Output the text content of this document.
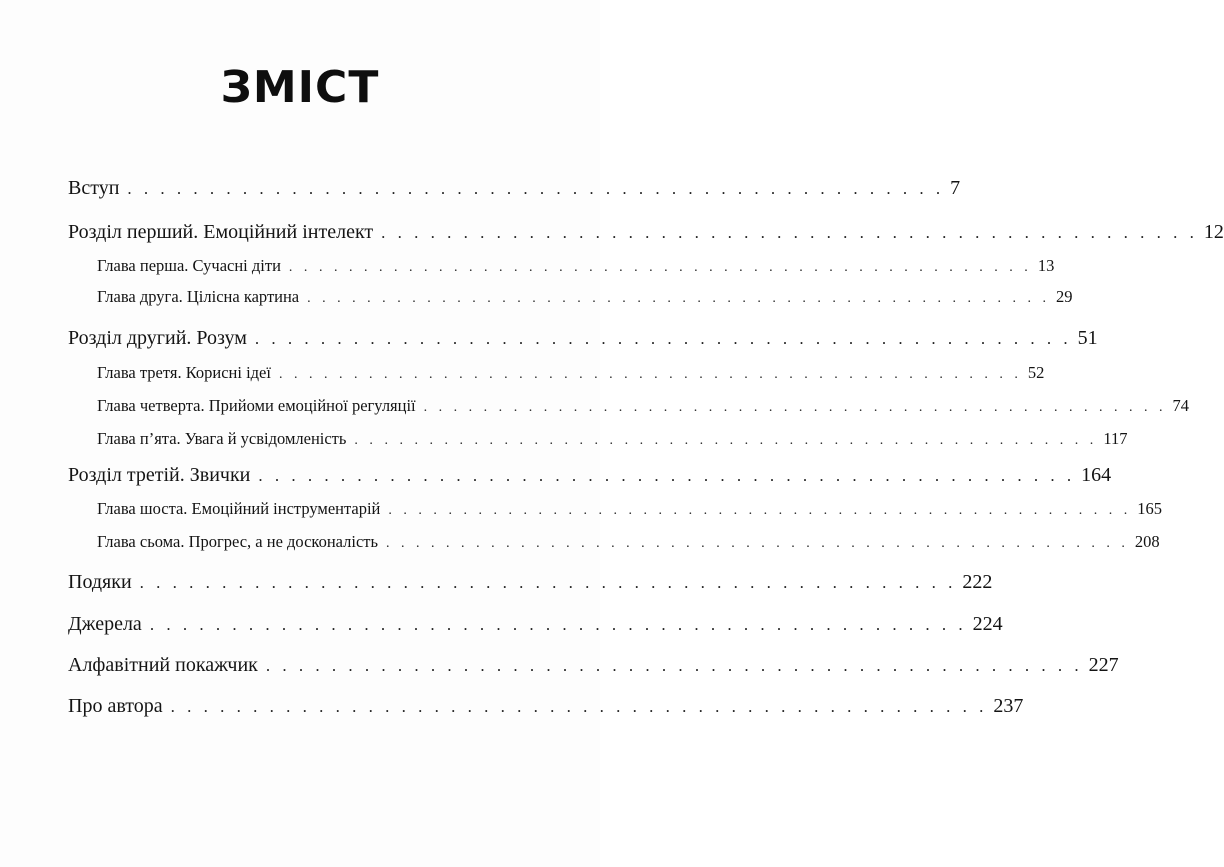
ЗМІСТ
Вступ . . . . . . . . . . . . . . . . . . . . . . . . . . . . . . . . . . . . . . . . . . . . . . . . . . 7
Розділ перший. Емоційний інтелект . . . . . . . . . . . . . . . . . . . . . . . . . . . . . . . . . . . . . . . . . . . . . . . . . . 12
Глава перша. Сучасні діти . . . . . . . . . . . . . . . . . . . . . . . . . . . . . . . . . . . . . . . . . . . . . . . . . . 13
Глава друга. Цілісна картина . . . . . . . . . . . . . . . . . . . . . . . . . . . . . . . . . . . . . . . . . . . . . . . . . . 29
Розділ другий. Розум . . . . . . . . . . . . . . . . . . . . . . . . . . . . . . . . . . . . . . . . . . . . . . . . . . 51
Глава третя. Корисні ідеї . . . . . . . . . . . . . . . . . . . . . . . . . . . . . . . . . . . . . . . . . . . . . . . . . . 52
Глава четверта. Прийоми емоційної регуляції . . . . . . . . . . . . . . . . . . . . . . . . . . . . . . . . . . . . . . . . . . . . . . . . . . 74
Глава п’ята. Увага й усвідомленість . . . . . . . . . . . . . . . . . . . . . . . . . . . . . . . . . . . . . . . . . . . . . . . . . . 117
Розділ третій. Звички . . . . . . . . . . . . . . . . . . . . . . . . . . . . . . . . . . . . . . . . . . . . . . . . . . 164
Глава шоста. Емоційний інструментарій . . . . . . . . . . . . . . . . . . . . . . . . . . . . . . . . . . . . . . . . . . . . . . . . . . 165
Глава сьома. Прогрес, а не досконалість . . . . . . . . . . . . . . . . . . . . . . . . . . . . . . . . . . . . . . . . . . . . . . . . . . 208
Подяки . . . . . . . . . . . . . . . . . . . . . . . . . . . . . . . . . . . . . . . . . . . . . . . . . . 222
Джерела . . . . . . . . . . . . . . . . . . . . . . . . . . . . . . . . . . . . . . . . . . . . . . . . . . 224
Алфавітний покажчик . . . . . . . . . . . . . . . . . . . . . . . . . . . . . . . . . . . . . . . . . . . . . . . . . . 227
Про автора . . . . . . . . . . . . . . . . . . . . . . . . . . . . . . . . . . . . . . . . . . . . . . . . . . 237
